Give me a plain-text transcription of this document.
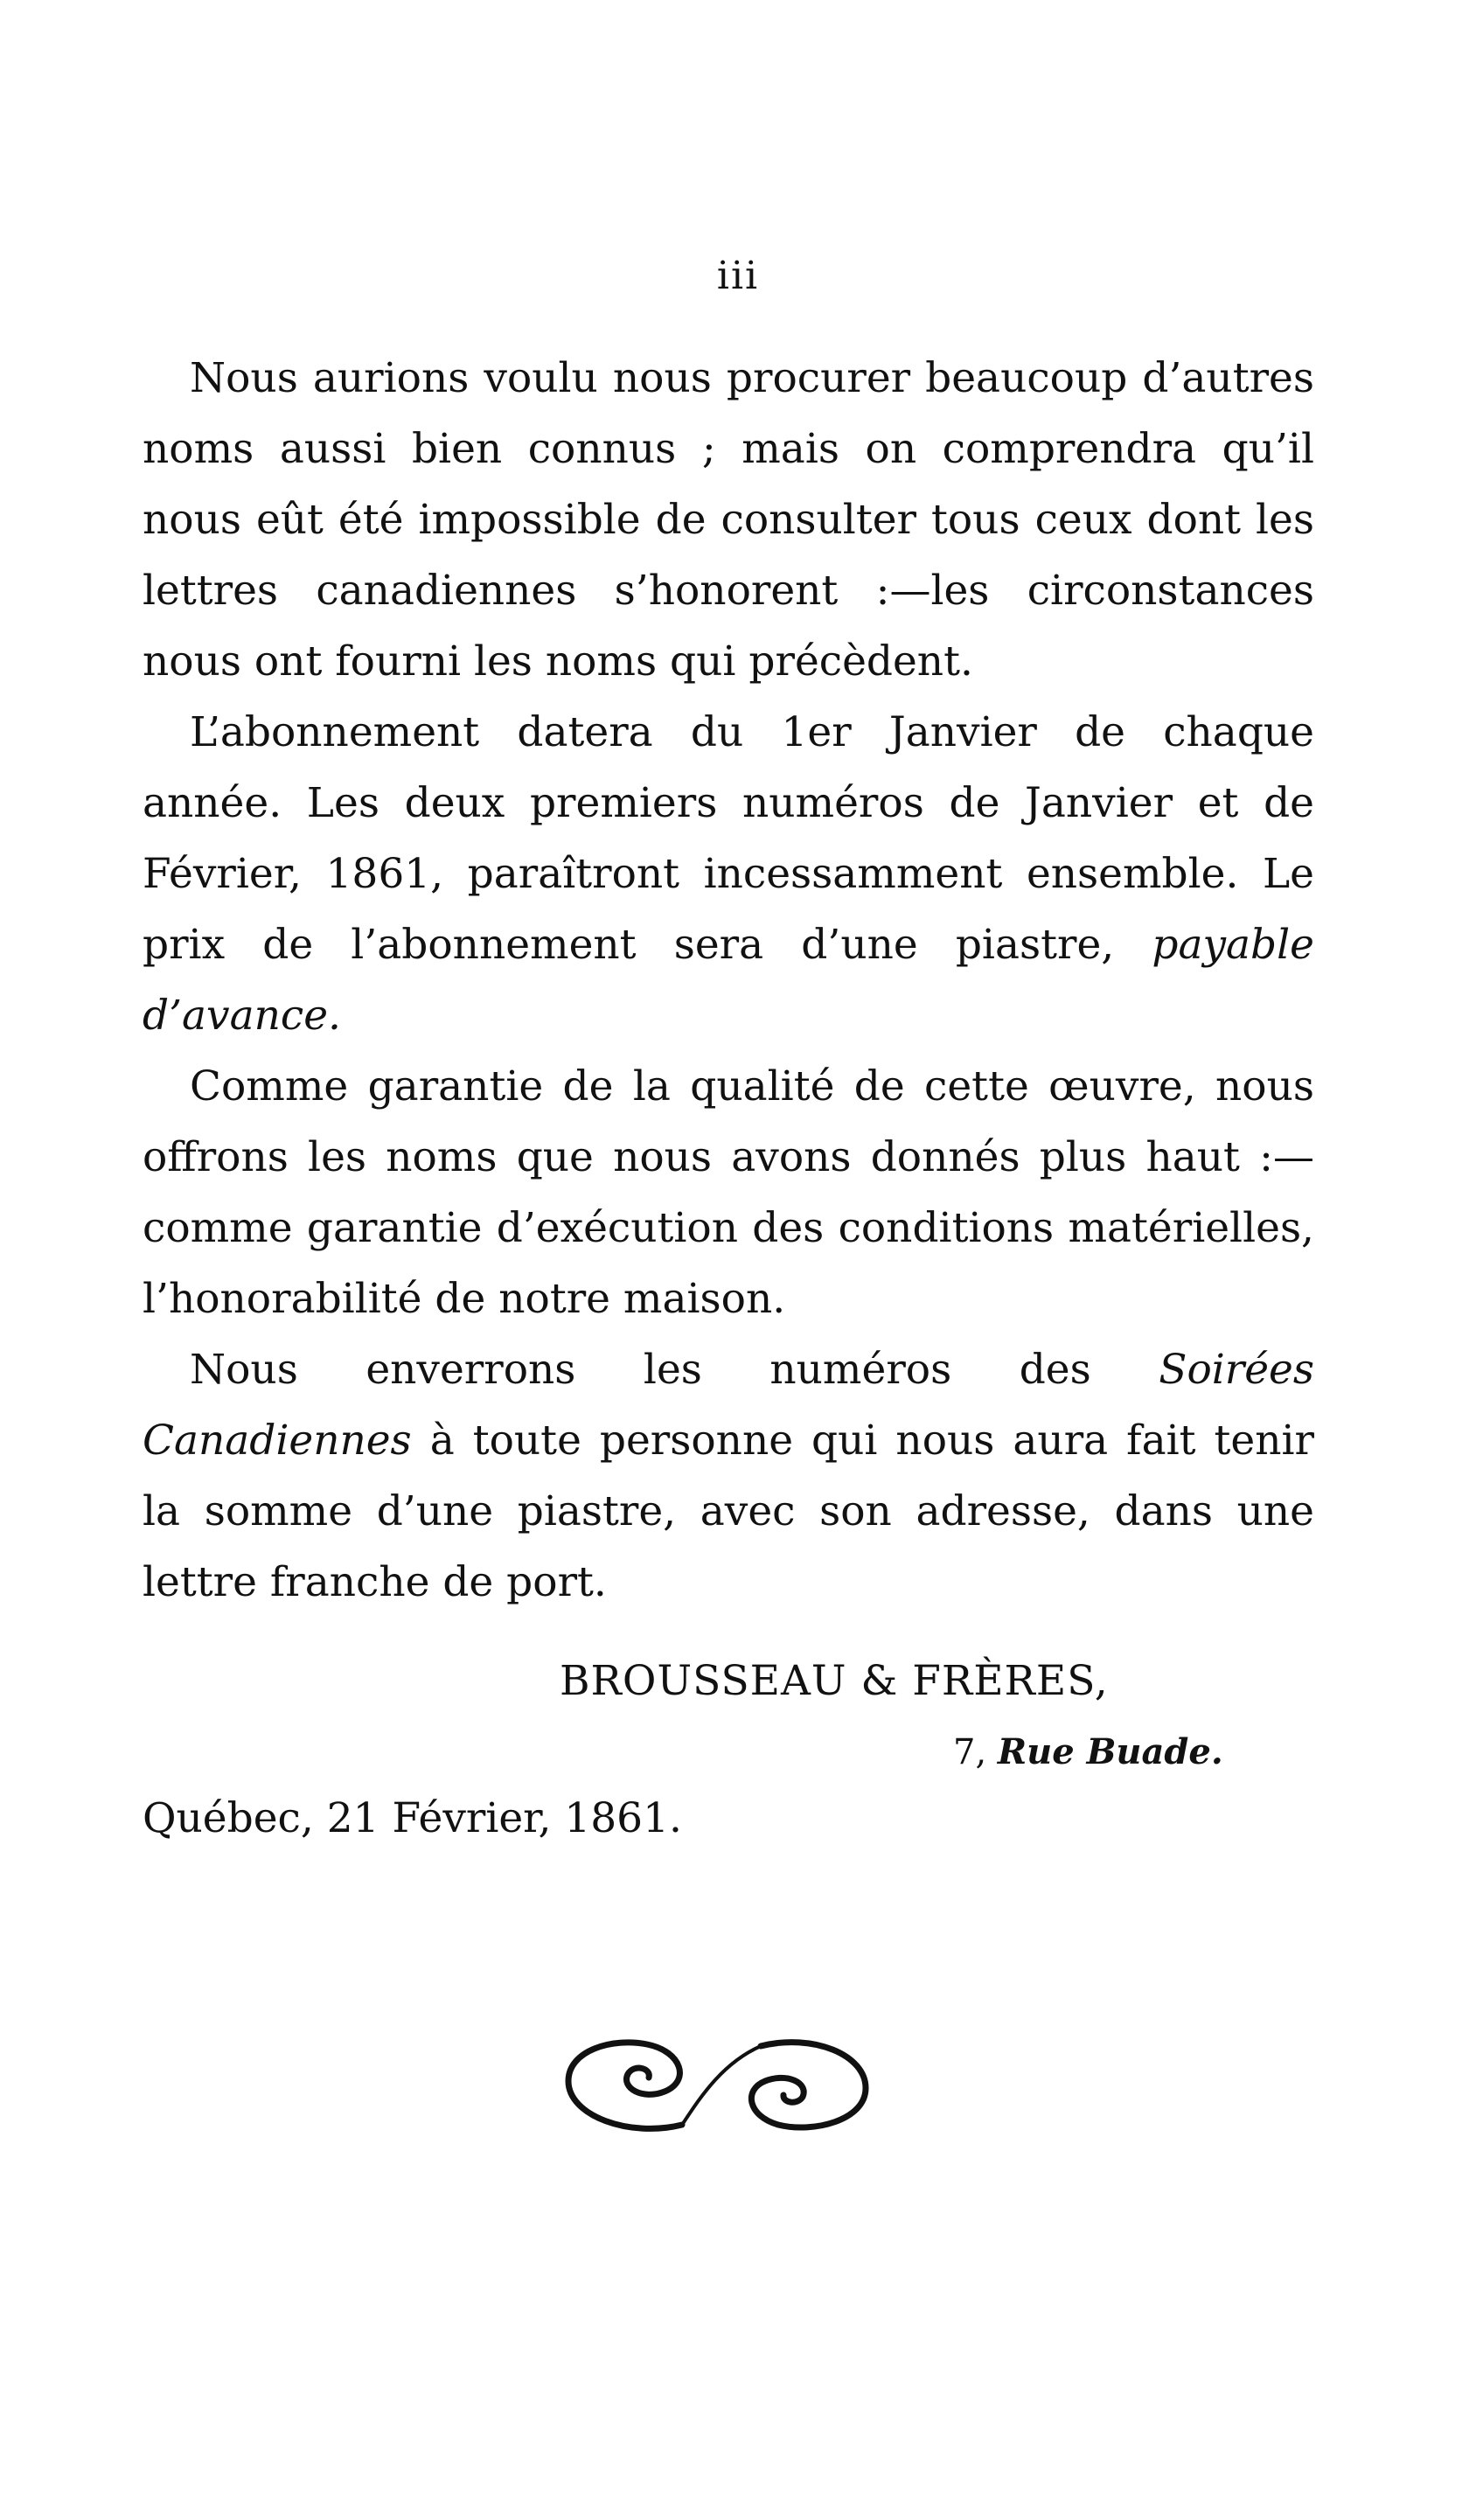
iii

Nous aurions voulu nous procurer beaucoup d’autres noms aussi bien connus ; mais on comprendra qu’il nous eût été impossible de consulter tous ceux dont les lettres canadiennes s’honorent :—les circonstances nous ont fourni les noms qui précèdent.

L’abonnement datera du 1er Janvier de chaque année. Les deux premiers numéros de Janvier et de Février, 1861, paraîtront incessamment ensemble. Le prix de l’abonnement sera d’une piastre, payable d’avance.

Comme garantie de la qualité de cette œuvre, nous offrons les noms que nous avons donnés plus haut :— comme garantie d’exécution des conditions matérielles, l’honorabilité de notre maison.

Nous enverrons les numéros des Soirées Canadiennes à toute personne qui nous aura fait tenir la somme d’une piastre, avec son adresse, dans une lettre franche de port.

BROUSSEAU & FRÈRES,
7, Rue Buade.
Québec, 21 Février, 1861.
